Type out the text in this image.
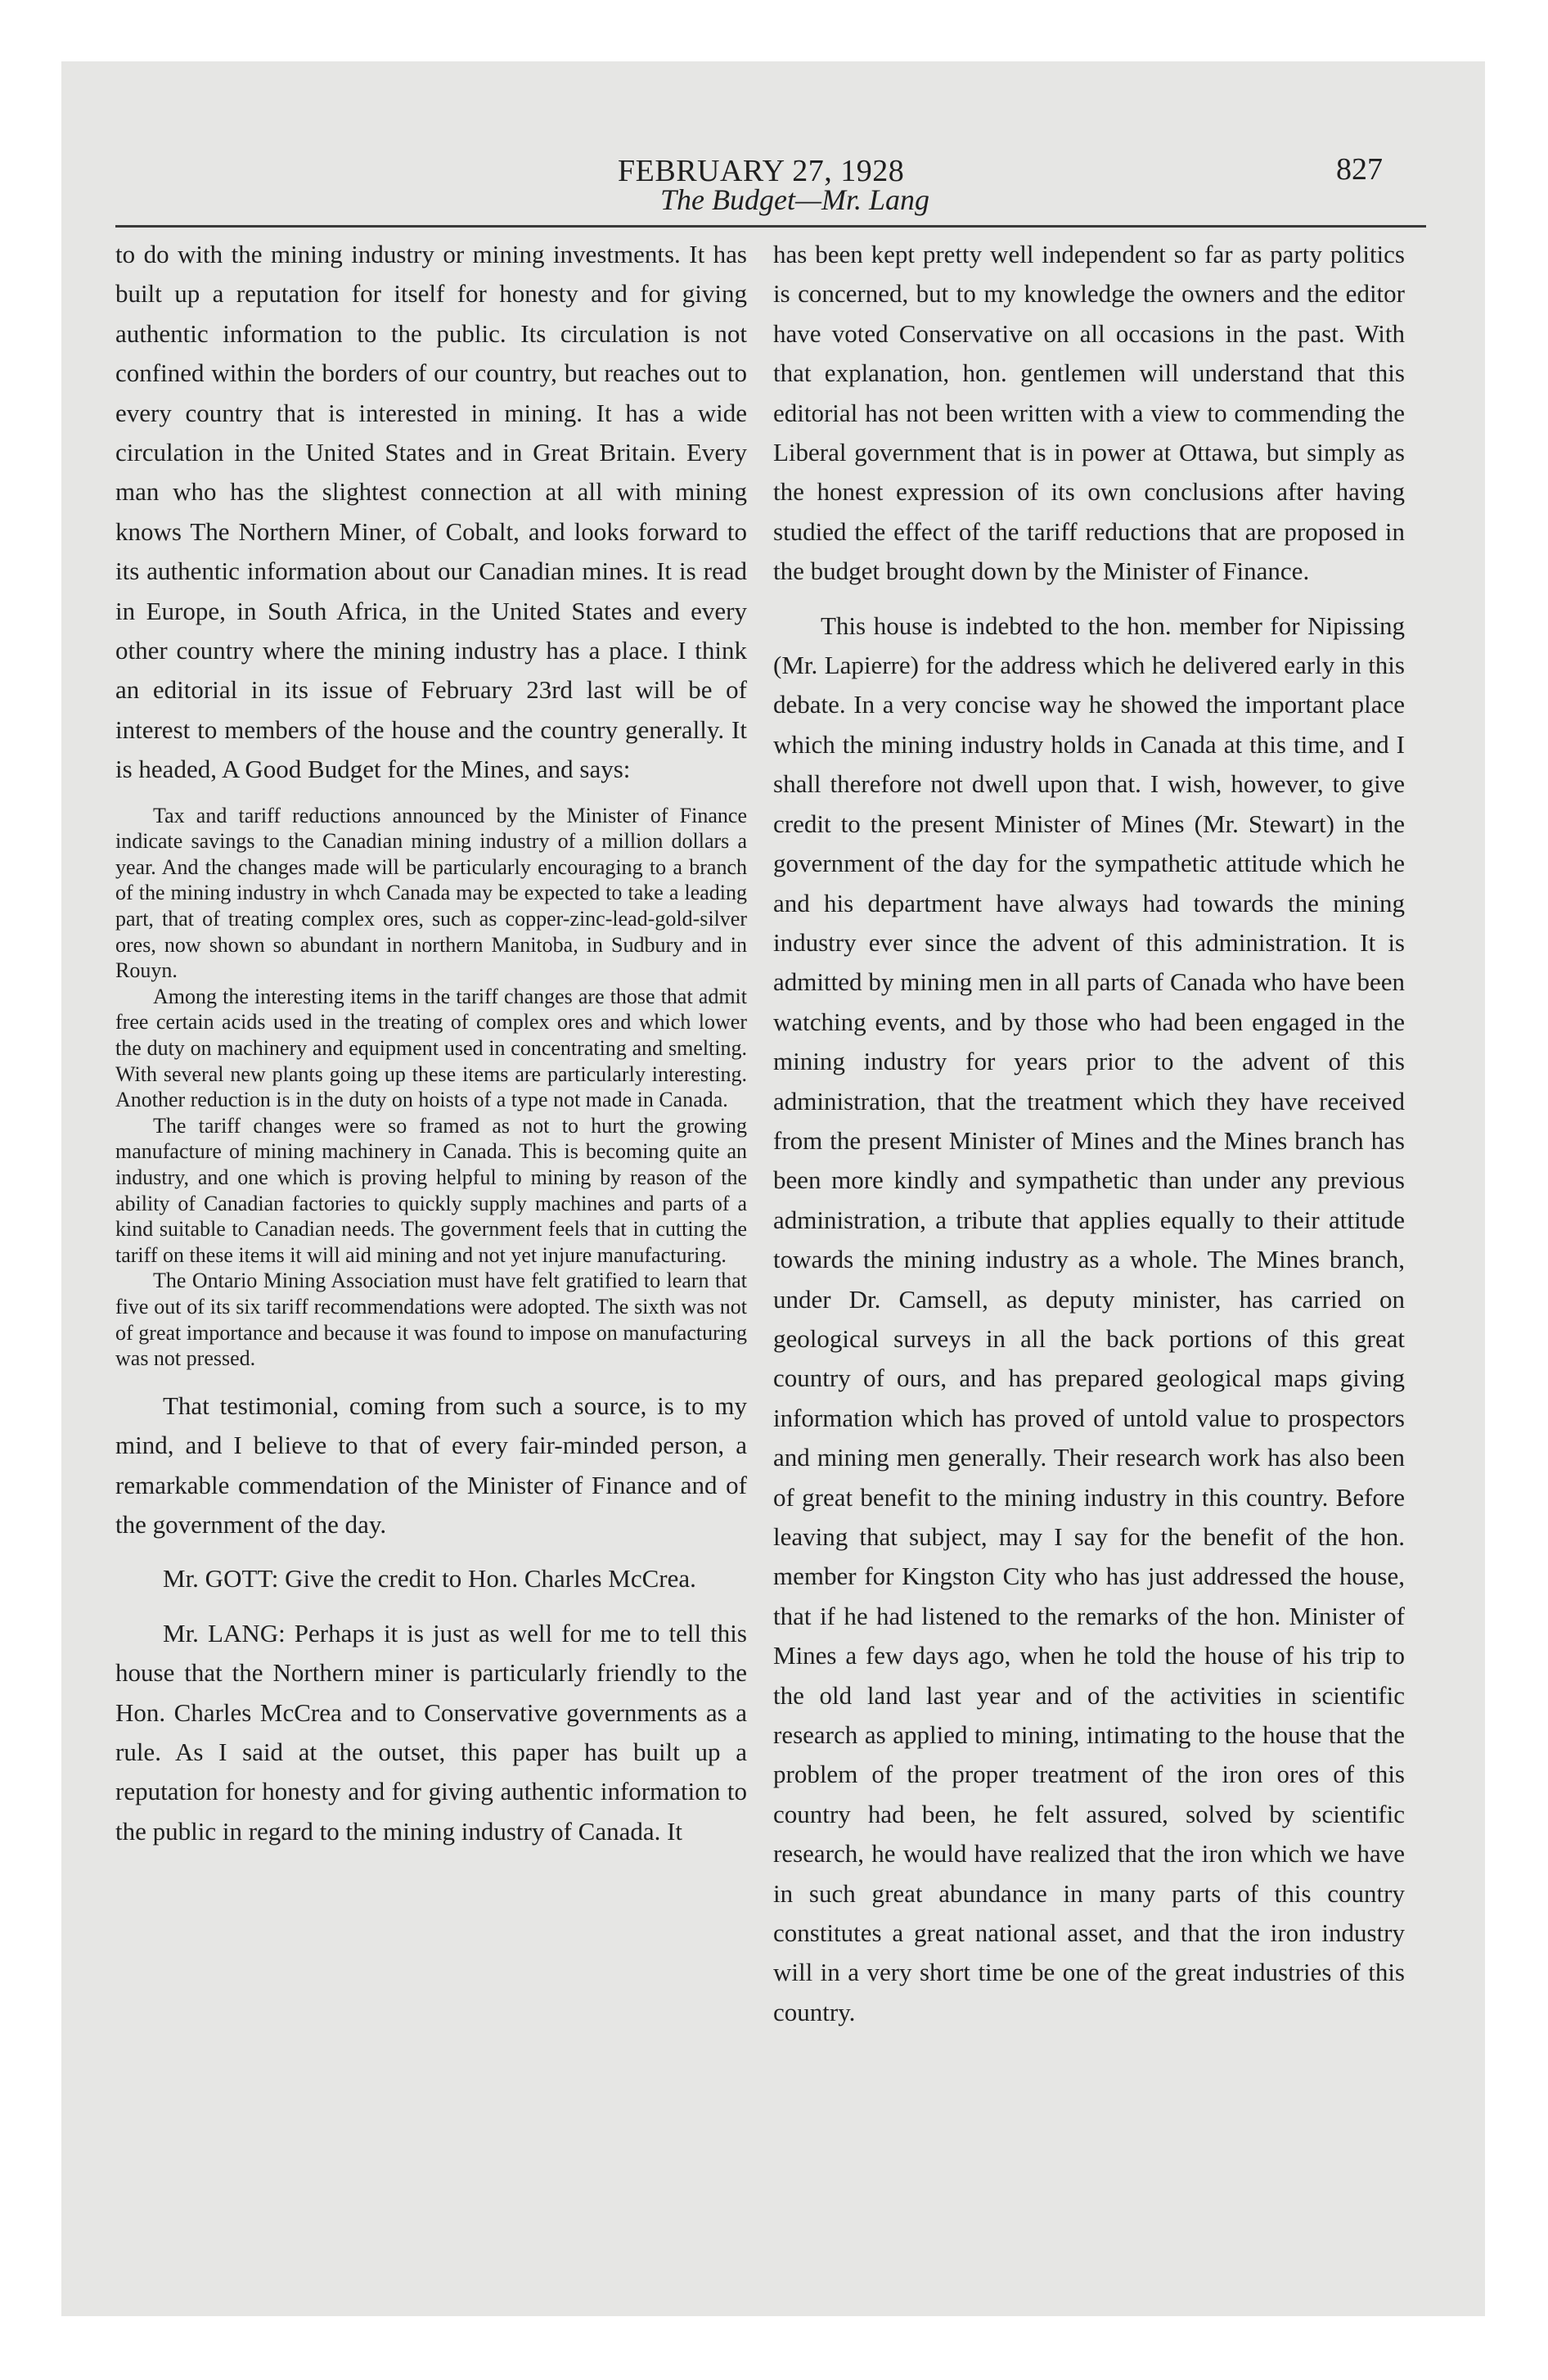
FEBRUARY 27, 1928	827
The Budget—Mr. Lang

to do with the mining industry or mining investments. It has built up a reputation for itself for honesty and for giving authentic information to the public. Its circulation is not confined within the borders of our country, but reaches out to every country that is interested in mining. It has a wide circulation in the United States and in Great Britain. Every man who has the slightest connection at all with mining knows The Northern Miner, of Cobalt, and looks forward to its authentic information about our Canadian mines. It is read in Europe, in South Africa, in the United States and every other country where the mining industry has a place. I think an editorial in its issue of February 23rd last will be of interest to members of the house and the country generally. It is headed, A Good Budget for the Mines, and says:

Tax and tariff reductions announced by the Minister of Finance indicate savings to the Canadian mining industry of a million dollars a year. And the changes made will be particularly encouraging to a branch of the mining industry in whch Canada may be expected to take a leading part, that of treating complex ores, such as copper-zinc-lead-gold-silver ores, now shown so abundant in northern Manitoba, in Sudbury and in Rouyn.

Among the interesting items in the tariff changes are those that admit free certain acids used in the treating of complex ores and which lower the duty on machinery and equipment used in concentrating and smelting. With several new plants going up these items are particularly interesting. Another reduction is in the duty on hoists of a type not made in Canada.

The tariff changes were so framed as not to hurt the growing manufacture of mining machinery in Canada. This is becoming quite an industry, and one which is proving helpful to mining by reason of the ability of Canadian factories to quickly supply machines and parts of a kind suitable to Canadian needs. The government feels that in cutting the tariff on these items it will aid mining and not yet injure manufacturing.

The Ontario Mining Association must have felt gratified to learn that five out of its six tariff recommendations were adopted. The sixth was not of great importance and because it was found to impose on manufacturing was not pressed.

That testimonial, coming from such a source, is to my mind, and I believe to that of every fair-minded person, a remarkable commendation of the Minister of Finance and of the government of the day.

Mr. GOTT: Give the credit to Hon. Charles McCrea.

Mr. LANG: Perhaps it is just as well for me to tell this house that the Northern miner is particularly friendly to the Hon. Charles McCrea and to Conservative governments as a rule. As I said at the outset, this paper has built up a reputation for honesty and for giving authentic information to the public in regard to the mining industry of Canada. It

has been kept pretty well independent so far as party politics is concerned, but to my knowledge the owners and the editor have voted Conservative on all occasions in the past. With that explanation, hon. gentlemen will understand that this editorial has not been written with a view to commending the Liberal government that is in power at Ottawa, but simply as the honest expression of its own conclusions after having studied the effect of the tariff reductions that are proposed in the budget brought down by the Minister of Finance.

This house is indebted to the hon. member for Nipissing (Mr. Lapierre) for the address which he delivered early in this debate. In a very concise way he showed the important place which the mining industry holds in Canada at this time, and I shall therefore not dwell upon that. I wish, however, to give credit to the present Minister of Mines (Mr. Stewart) in the government of the day for the sympathetic attitude which he and his department have always had towards the mining industry ever since the advent of this administration. It is admitted by mining men in all parts of Canada who have been watching events, and by those who had been engaged in the mining industry for years prior to the advent of this administration, that the treatment which they have received from the present Minister of Mines and the Mines branch has been more kindly and sympathetic than under any previous administration, a tribute that applies equally to their attitude towards the mining industry as a whole. The Mines branch, under Dr. Camsell, as deputy minister, has carried on geological surveys in all the back portions of this great country of ours, and has prepared geological maps giving information which has proved of untold value to prospectors and mining men generally. Their research work has also been of great benefit to the mining industry in this country. Before leaving that subject, may I say for the benefit of the hon. member for Kingston City who has just addressed the house, that if he had listened to the remarks of the hon. Minister of Mines a few days ago, when he told the house of his trip to the old land last year and of the activities in scientific research as applied to mining, intimating to the house that the problem of the proper treatment of the iron ores of this country had been, he felt assured, solved by scientific research, he would have realized that the iron which we have in such great abundance in many parts of this country constitutes a great national asset, and that the iron industry will in a very short time be one of the great industries of this country.
